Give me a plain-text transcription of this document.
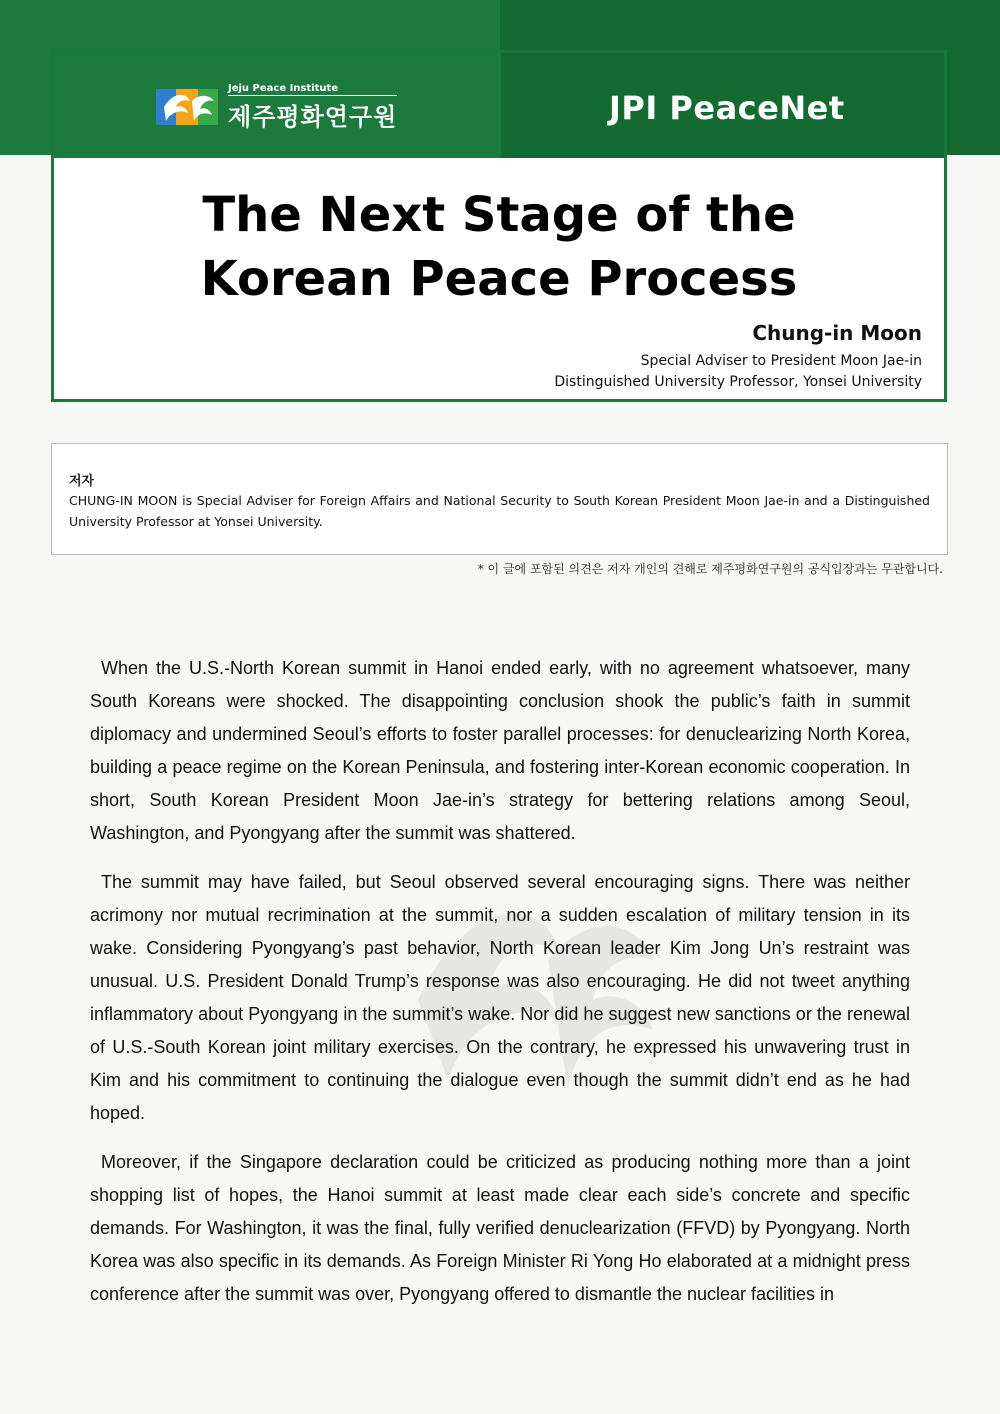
Jeju Peace Institute
제주평화연구원	JPI PeaceNet
The Next Stage of the
Korean Peace Process
Chung-in Moon
Special Adviser to President Moon Jae-in
Distinguished University Professor, Yonsei University
저자
CHUNG-IN MOON is Special Adviser for Foreign Affairs and National Security to South Korean President Moon Jae-in and a Distinguished University Professor at Yonsei University.
* 이 글에 포함된 의견은 저자 개인의 견해로 제주평화연구원의 공식입장과는 무관합니다.

When the U.S.-North Korean summit in Hanoi ended early, with no agreement whatsoever, many South Koreans were shocked. The disappointing conclusion shook the public’s faith in summit diplomacy and undermined Seoul’s efforts to foster parallel processes: for denuclearizing North Korea, building a peace regime on the Korean Peninsula, and fostering inter-Korean economic cooperation. In short, South Korean President Moon Jae-in’s strategy for bettering relations among Seoul, Washington, and Pyongyang after the summit was shattered.

The summit may have failed, but Seoul observed several encouraging signs. There was neither acrimony nor mutual recrimination at the summit, nor a sudden escalation of military tension in its wake. Considering Pyongyang’s past behavior, North Korean leader Kim Jong Un’s restraint was unusual. U.S. President Donald Trump’s response was also encouraging. He did not tweet anything inflammatory about Pyongyang in the summit’s wake. Nor did he suggest new sanctions or the renewal of U.S.-South Korean joint military exercises. On the contrary, he expressed his unwavering trust in Kim and his commitment to continuing the dialogue even though the summit didn’t end as he had hoped.

Moreover, if the Singapore declaration could be criticized as producing nothing more than a joint shopping list of hopes, the Hanoi summit at least made clear each side’s concrete and specific demands. For Washington, it was the final, fully verified denuclearization (FFVD) by Pyongyang. North Korea was also specific in its demands. As Foreign Minister Ri Yong Ho elaborated at a midnight press conference after the summit was over, Pyongyang offered to dismantle the nuclear facilities in
